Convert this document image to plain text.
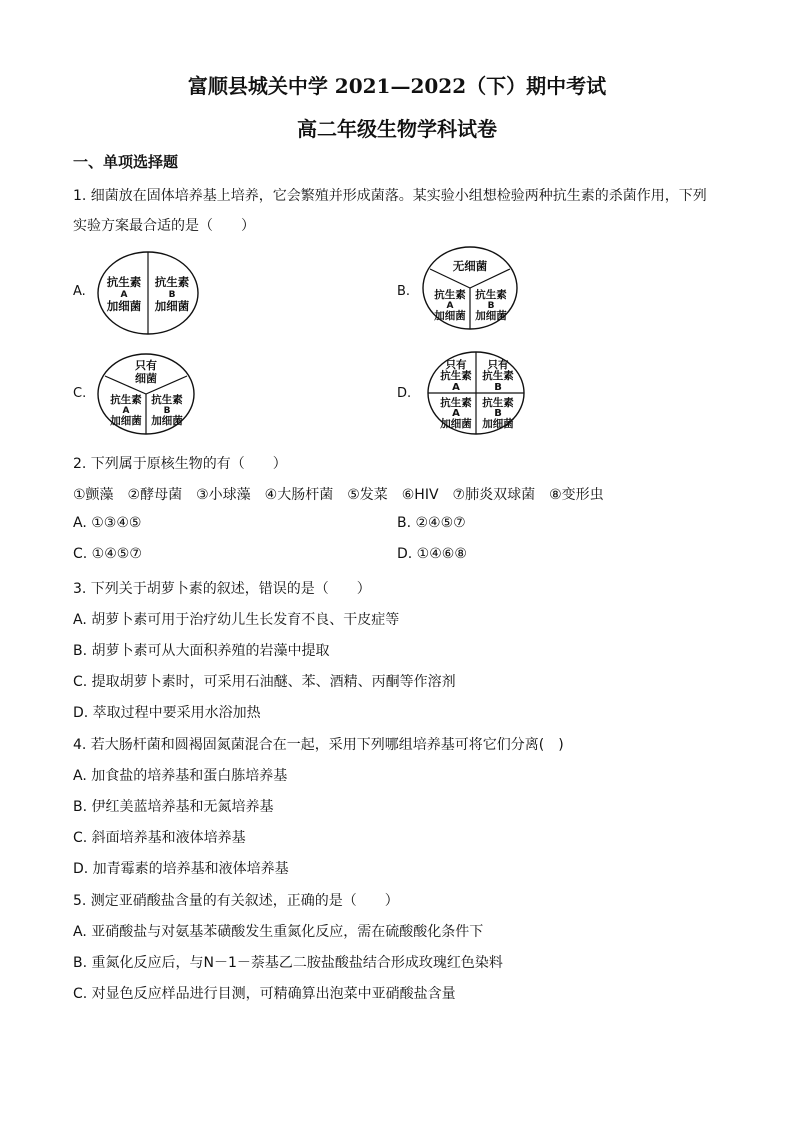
富顺县城关中学 2021—2022（下）期中考试
高二年级生物学科试卷
一、单项选择题
1. 细菌放在固体培养基上培养，它会繁殖并形成菌落。某实验小组想检验两种抗生素的杀菌作用，下列
实验方案最合适的是（　　）
A.
抗生素
A
加细菌
抗生素
B
加细菌
B.
无细菌
抗生素
A
加细菌
抗生素
B
加细菌
C.
只有
细菌
抗生素
A
加细菌
抗生素
B
加细菌
D.
只有
抗生素
A
只有
抗生素
B
抗生素
A
加细菌
抗生素
B
加细菌
2. 下列属于原核生物的有（　　）
①颤藻　②酵母菌　③小球藻　④大肠杆菌　⑤发菜　⑥HIV　⑦肺炎双球菌　⑧变形虫
A. ①③④⑤	B. ②④⑤⑦
C. ①④⑤⑦	D. ①④⑥⑧
3. 下列关于胡萝卜素的叙述，错误的是（　　）
A. 胡萝卜素可用于治疗幼儿生长发育不良、干皮症等
B. 胡萝卜素可从大面积养殖的岩藻中提取
C. 提取胡萝卜素时，可采用石油醚、苯、酒精、丙酮等作溶剂
D. 萃取过程中要采用水浴加热
4. 若大肠杆菌和圆褐固氮菌混合在一起，采用下列哪组培养基可将它们分离(　)
A. 加食盐的培养基和蛋白胨培养基
B. 伊红美蓝培养基和无氮培养基
C. 斜面培养基和液体培养基
D. 加青霉素的培养基和液体培养基
5. 测定亚硝酸盐含量的有关叙述，正确的是（　　）
A. 亚硝酸盐与对氨基苯磺酸发生重氮化反应，需在硫酸酸化条件下
B. 重氮化反应后，与N－1－萘基乙二胺盐酸盐结合形成玫瑰红色染料
C. 对显色反应样品进行目测，可精确算出泡菜中亚硝酸盐含量
